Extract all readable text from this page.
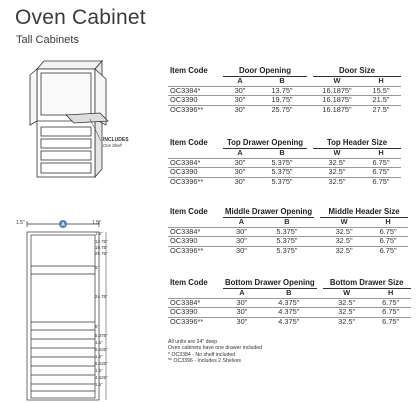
Oven Cabinet
Tall Cabinets
INCLUDES
One Shelf
A
1.5"	1.5"
1.5"
13.75"
19.75"
25.75"
6"
24.75"
6"
5.375"
1.5"
6.625"
1.5"
6.625"
1.5"
4.625"
1.5"
Item Code	Door Opening			Door Size	
	A	B		W	H
OC3384*	30"	13.75"		16.1875"	15.5"
OC3390	30"	19.75"		16.1875"	21.5"
OC3396**	30"	25.75"		16.1875"	27.5"
Item Code	Top Drawer Opening			Top Header Size	
	A	B		W	H
OC3384*	30"	5.375"		32.5"	6.75"
OC3390	30"	5.375"		32.5"	6.75"
OC3396**	30"	5.375"		32.5"	6.75"
Item Code	Middle Drawer Opening			Middle Header Size	
	A	B		W	H
OC3384*	30"	5.375"		32.5"	6.75"
OC3390	30"	5.375"		32.5"	6.75"
OC3396**	30"	5.375"		32.5"	6.75"
Item Code	Bottom Drawer Opening			Bottom Drawer Size	
	A	B		W	H
OC3384*	30"	4.375"		32.5"	6.75"
OC3390	30"	4.375"		32.5"	6.75"
OC3396**	30"	4.375"		32.5"	6.75"
All units are 24" deep
Oven cabinets have one drawer included
* OC3384 - No shelf included
** OC3396 - Includes 2 Shelves
